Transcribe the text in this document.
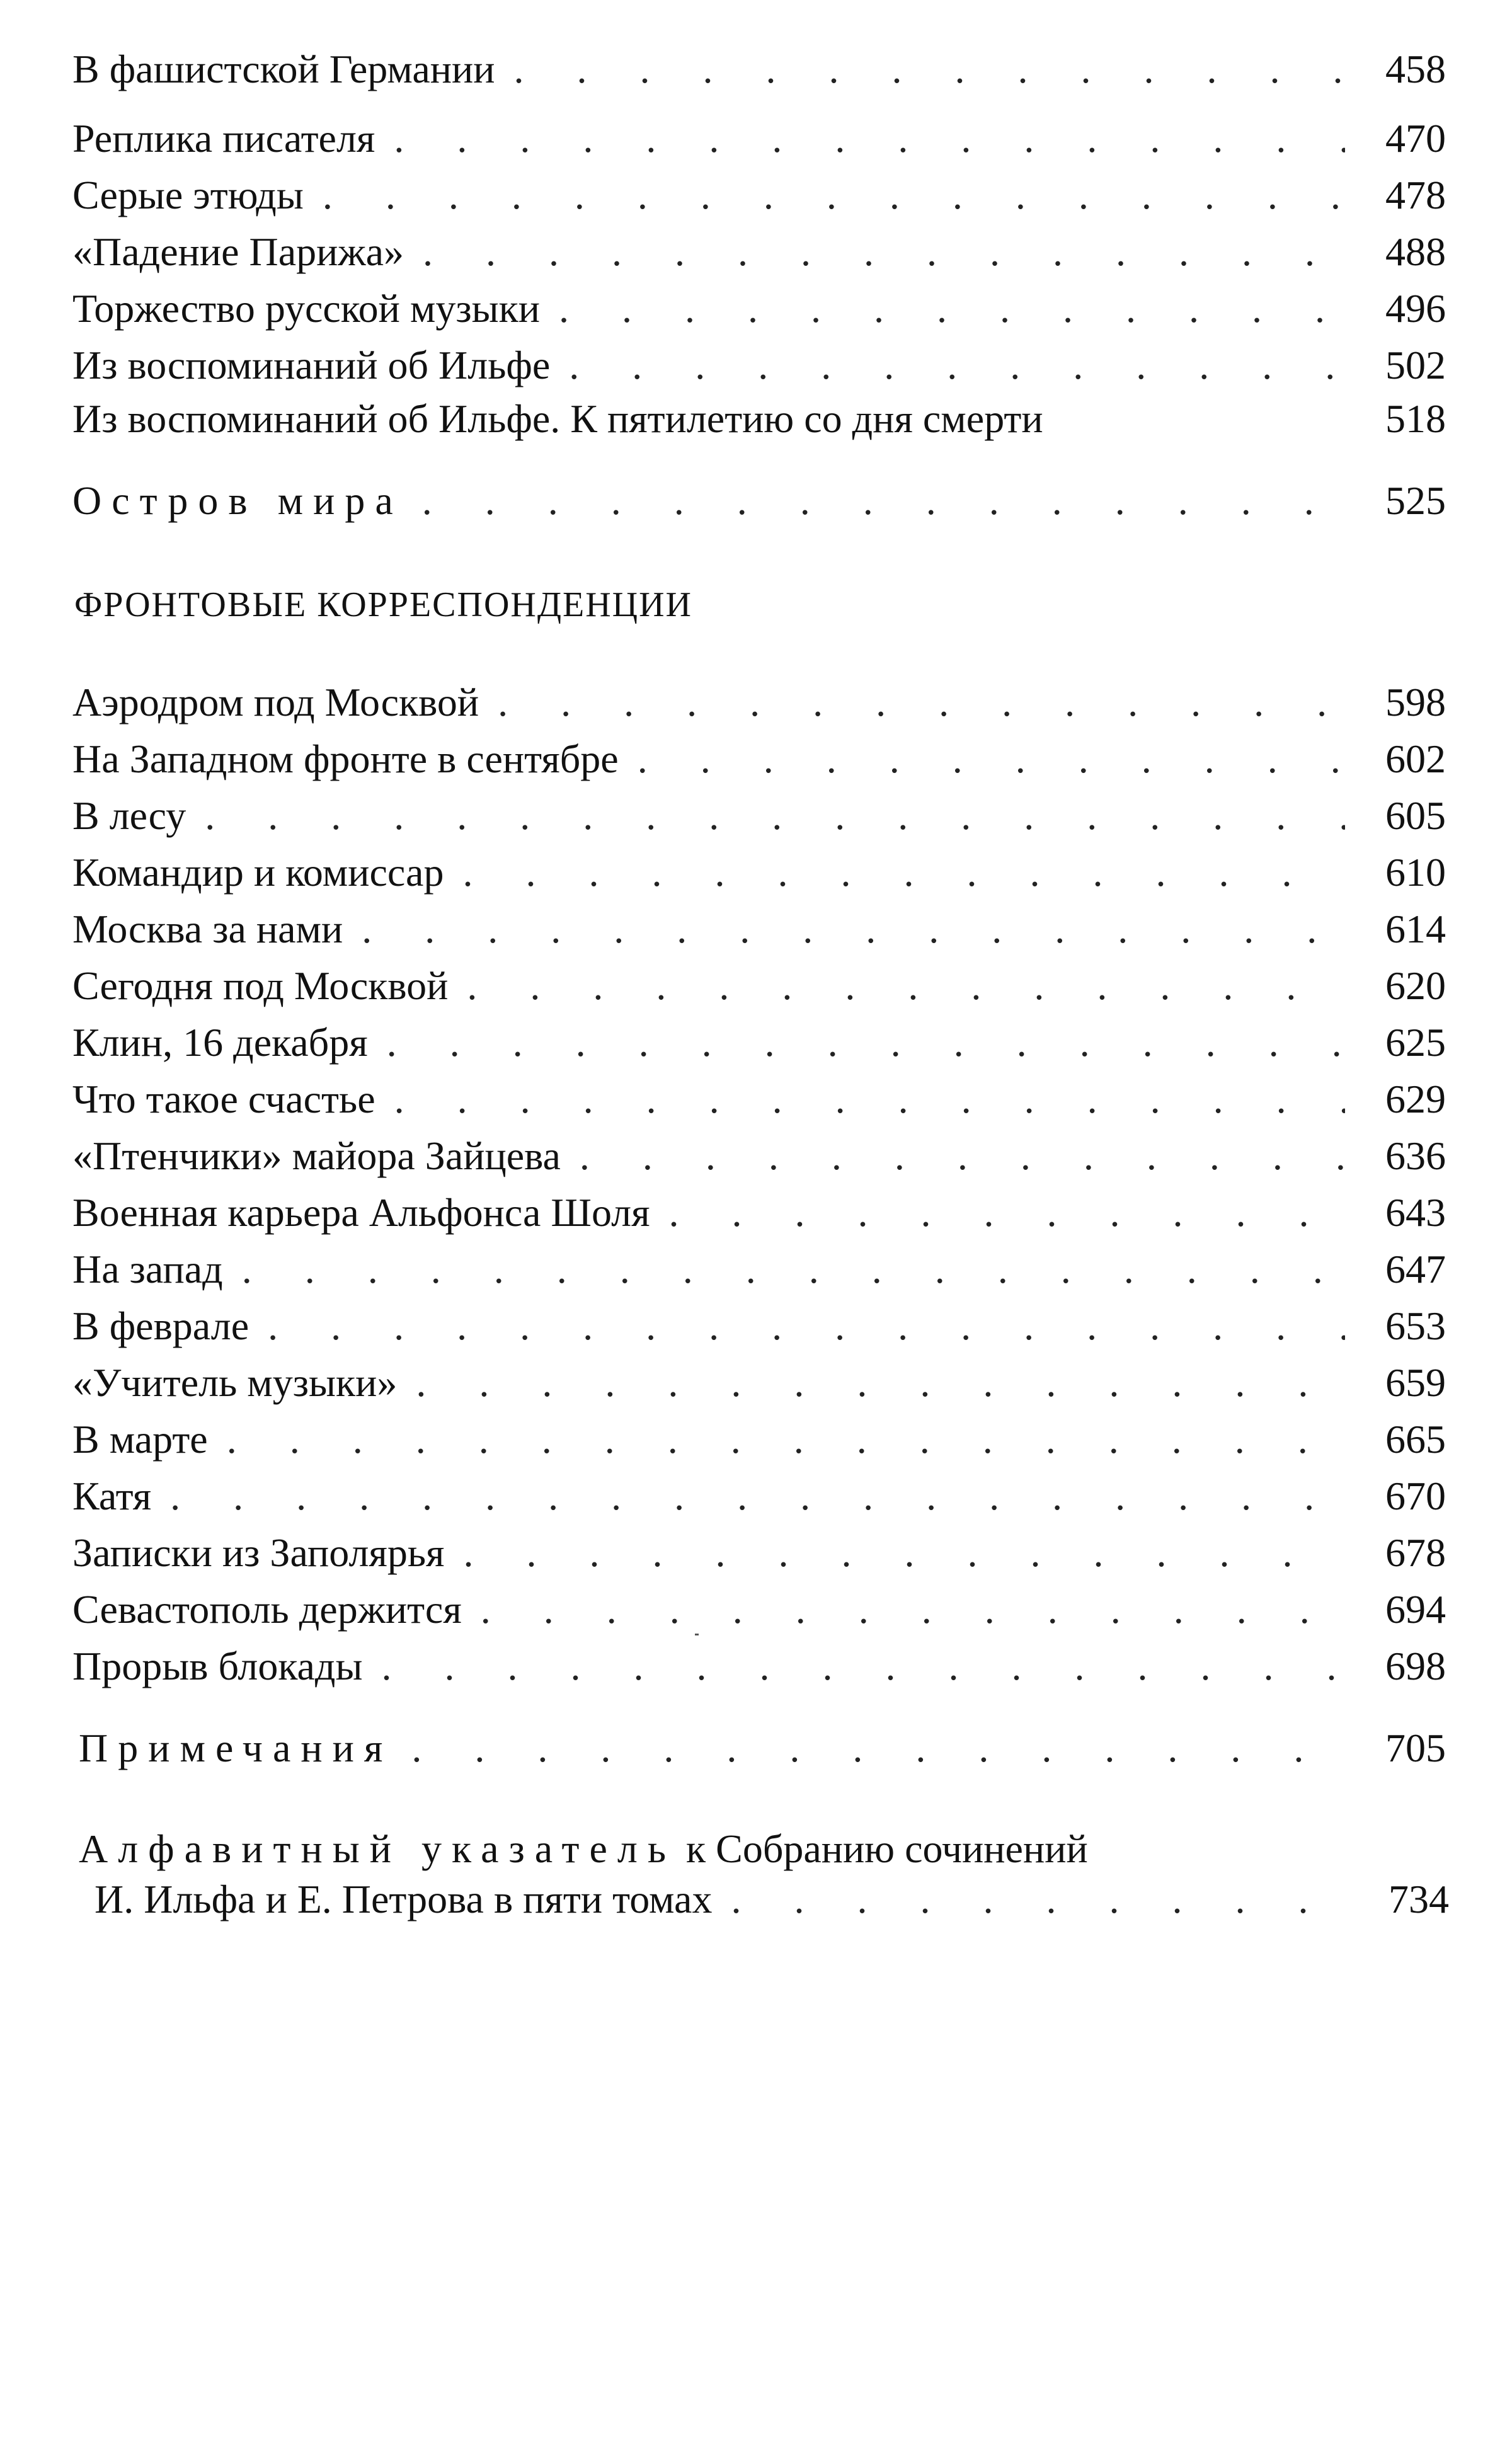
В фашистской Германии . . .	458
Реплика писателя . . .	470
Серые этюды . . .	478
«Падение Парижа» . . .	488
Торжество русской музыки . . .	496
Из воспоминаний об Ильфе . . .	502
Из воспоминаний об Ильфе. К пятилетию со дня смерти	518
Остров мира . . .	525
ФРОНТОВЫЕ КОРРЕСПОНДЕНЦИИ
Аэродром под Москвой . . .	598
На Западном фронте в сентябре . . .	602
В лесу . . .	605
Командир и комиссар . . .	610
Москва за нами . . .	614
Сегодня под Москвой . . .	620
Клин, 16 декабря . . .	625
Что такое счастье . . .	629
«Птенчики» майора Зайцева . . .	636
Военная карьера Альфонса Шоля . . .	643
На запад . . .	647
В феврале . . .	653
«Учитель музыки» . . .	659
В марте . . .	665
Катя . . .	670
Записки из Заполярья . . .	678
Севастополь держится . . .	694
Прорыв блокады . . .	698
Примечания . . .	705
Алфавитный указатель к Собранию сочинений
И. Ильфа и Е. Петрова в пяти томах . . .	734
